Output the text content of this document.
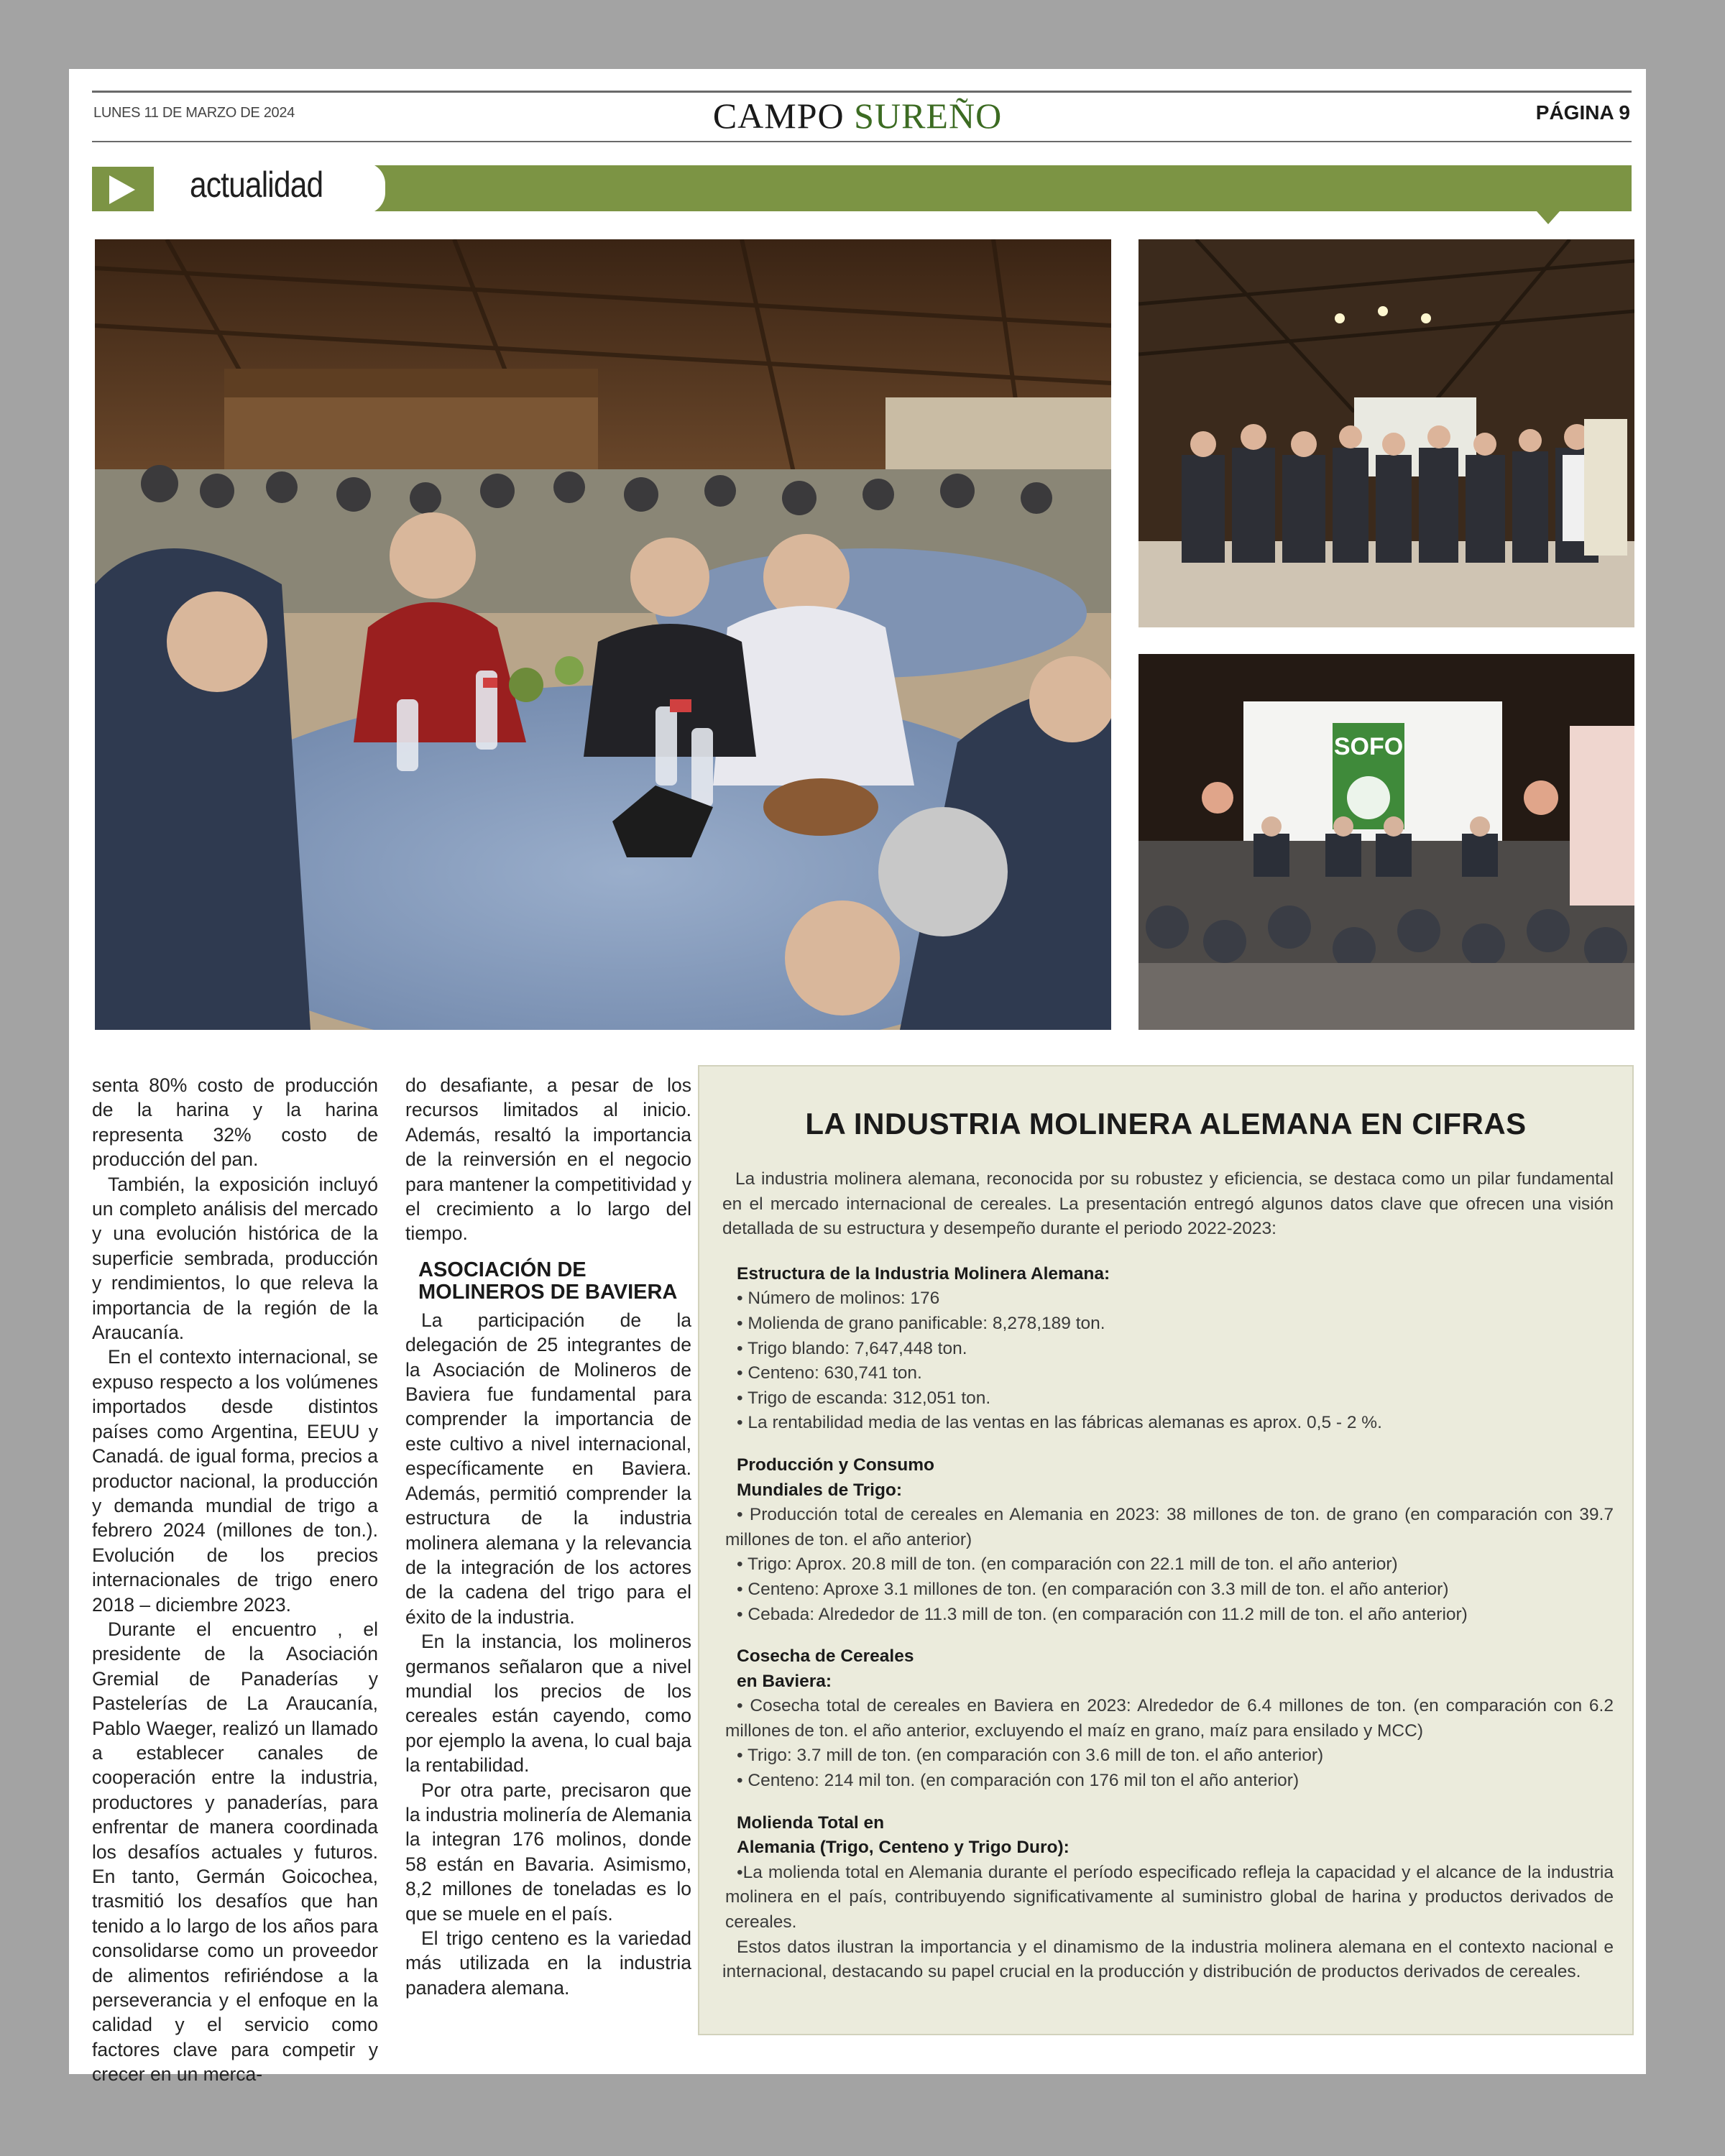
LUNES 11 DE MARZO DE 2024	CAMPO SUREÑO	PÁGINA 9
actualidad
SOFO

senta 80% costo de producción de la harina y la harina representa 32% costo de producción del pan.

También, la exposición incluyó un completo análisis del mercado y una evolución histórica de la superficie sembrada, producción y rendimientos, lo que releva la importancia de la región de la Araucanía.

En el contexto internacional, se expuso respecto a los volúmenes importados desde distintos países como Argentina, EEUU y Canadá. de igual forma, precios a productor nacional, la producción y demanda mundial de trigo a febrero 2024 (millones de ton.). Evolución de los precios internacionales de trigo enero 2018 – diciembre 2023.

Durante el encuentro , el presidente de la Asociación Gremial de Panaderías y Pastelerías de La Araucanía, Pablo Waeger, realizó un llamado a establecer canales de cooperación entre la industria, productores y panaderías, para enfrentar de manera coordinada los desafíos actuales y futuros. En tanto, Germán Goicochea, trasmitió los desafíos que han tenido a lo largo de los años para consolidarse como un proveedor de alimentos refiriéndose a la perseverancia y el enfoque en la calidad y el servicio como factores clave para competir y crecer en un merca-

do desafiante, a pesar de los recursos limitados al inicio. Además, resaltó la importancia de la reinversión en el negocio para mantener la competitividad y el crecimiento a lo largo del tiempo.

ASOCIACIÓN DE MOLINEROS DE BAVIERA

La participación de la delegación de 25 integrantes de la Asociación de Molineros de Baviera fue fundamental para comprender la importancia de este cultivo a nivel internacional, específicamente en Baviera. Además, permitió comprender la estructura de la industria molinera alemana y la relevancia de la integración de los actores de la cadena del trigo para el éxito de la industria.

En la instancia, los molineros germanos señalaron que a nivel mundial los precios de los cereales están cayendo, como por ejemplo la avena, lo cual baja la rentabilidad.

Por otra parte, precisaron que la industria molinería de Alemania la integran 176 molinos, donde 58 están en Bavaria. Asimismo, 8,2 millones de toneladas es lo que se muele en el país.

El trigo centeno es la variedad más utilizada en la industria panadera alemana.

LA INDUSTRIA MOLINERA ALEMANA EN CIFRAS

La industria molinera alemana, reconocida por su robustez y eficiencia, se destaca como un pilar fundamental en el mercado internacional de cereales. La presentación entregó algunos datos clave que ofrecen una visión detallada de su estructura y desempeño durante el periodo 2022-2023:

Estructura de la Industria Molinera Alemana:

• Número de molinos: 176

• Molienda de grano panificable: 8,278,189 ton.

• Trigo blando: 7,647,448 ton.

• Centeno: 630,741 ton.

• Trigo de escanda: 312,051 ton.

• La rentabilidad media de las ventas en las fábricas alemanas es aprox. 0,5 - 2 %.

Producción y Consumo
Mundiales de Trigo:

• Producción total de cereales en Alemania en 2023: 38 millones de ton. de grano (en comparación con 39.7 millones de ton. el año anterior)

• Trigo: Aprox. 20.8 mill de ton. (en comparación con 22.1 mill de ton. el año anterior)

• Centeno: Aproxe 3.1 millones de ton. (en comparación con 3.3 mill de ton. el año anterior)

• Cebada: Alrededor de 11.3 mill de ton. (en comparación con 11.2 mill de ton. el año anterior)

Cosecha de Cereales
en Baviera:

• Cosecha total de cereales en Baviera en 2023: Alrededor de 6.4 millones de ton. (en comparación con 6.2 millones de ton. el año anterior, excluyendo el maíz en grano, maíz para ensilado y MCC)

• Trigo: 3.7 mill de ton. (en comparación con 3.6 mill de ton. el año anterior)

• Centeno: 214 mil ton. (en comparación con 176 mil ton el año anterior)

Molienda Total en
Alemania (Trigo, Centeno y Trigo Duro):

•La molienda total en Alemania durante el período especificado refleja la capacidad y el alcance de la industria molinera en el país, contribuyendo significativamente al suministro global de harina y productos derivados de cereales.

Estos datos ilustran la importancia y el dinamismo de la industria molinera alemana en el contexto nacional e internacional, destacando su papel crucial en la producción y distribución de productos derivados de cereales.
